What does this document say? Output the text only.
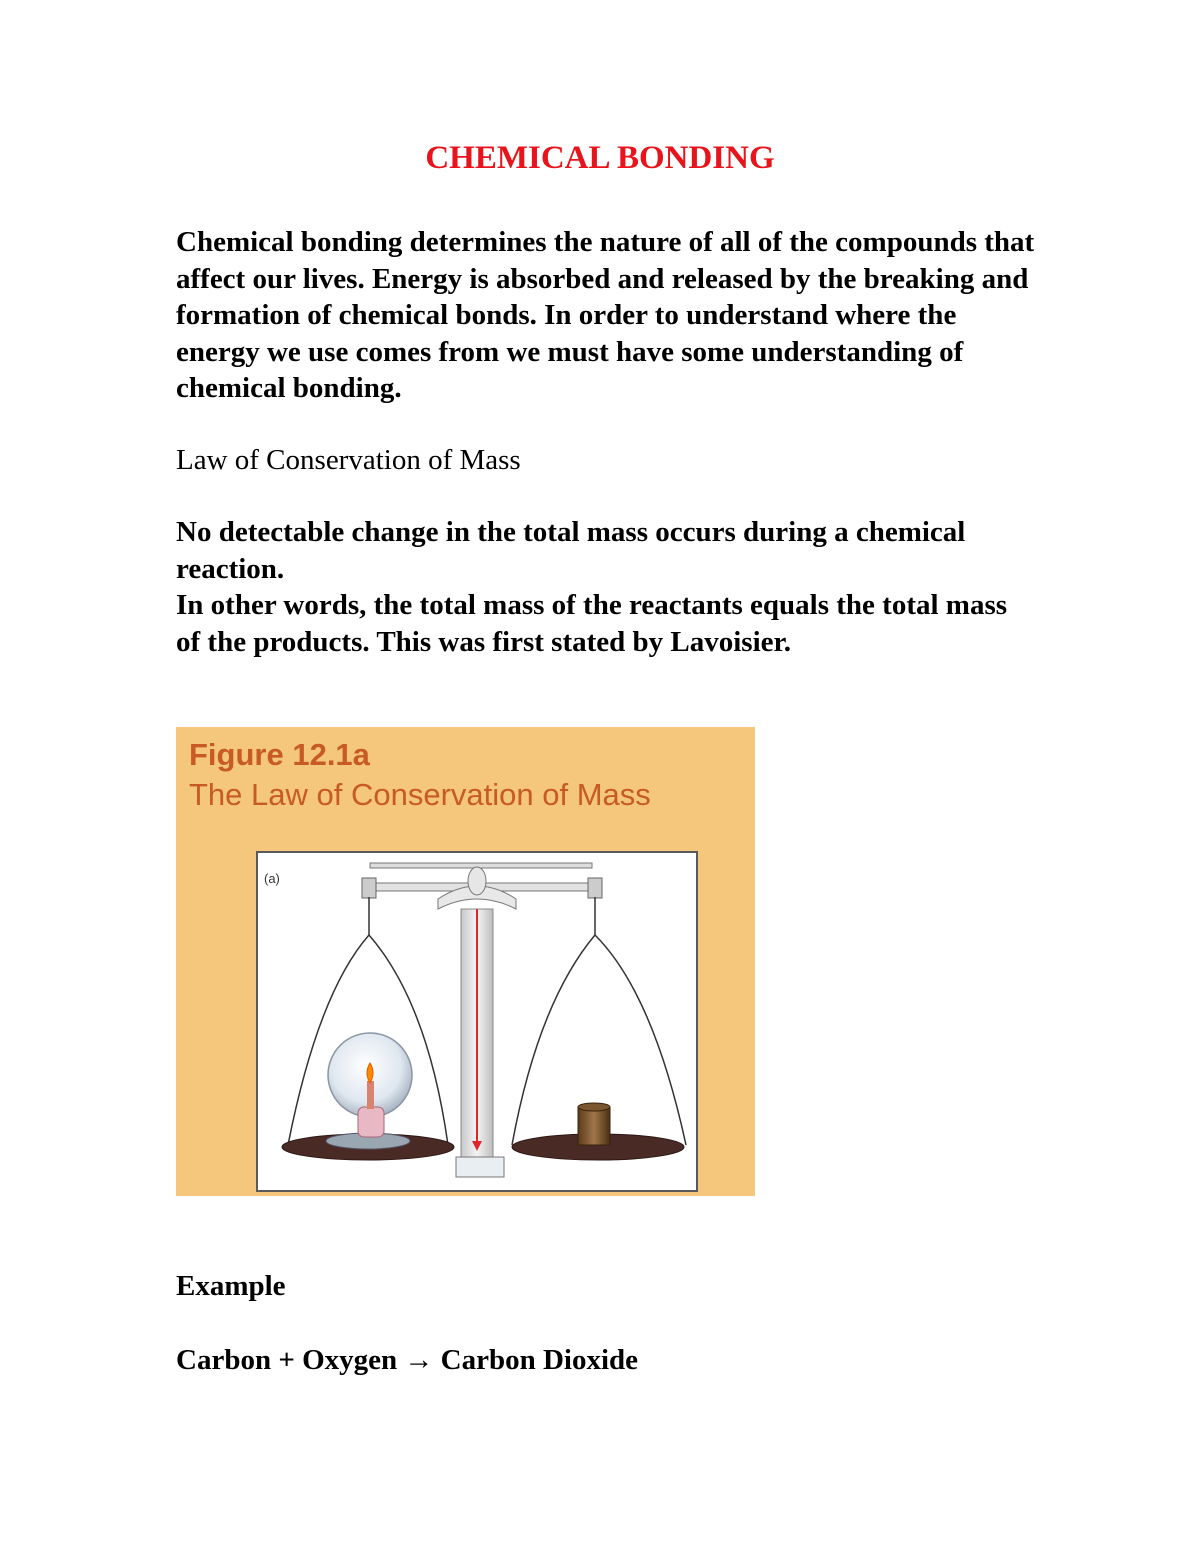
CHEMICAL BONDING

Chemical bonding determines the nature of all of the compounds that affect our lives. Energy is absorbed and released by the breaking and formation of chemical bonds. In order to understand where the energy we use comes from we must have some understanding of chemical bonding.

Law of Conservation of Mass

No detectable change in the total mass occurs during a chemical reaction.

In other words, the total mass of the reactants equals the total mass of the products. This was first stated by Lavoisier.

Figure 12.1a
The Law of Conservation of Mass
(a)
Example
Carbon + Oxygen → Carbon Dioxide
